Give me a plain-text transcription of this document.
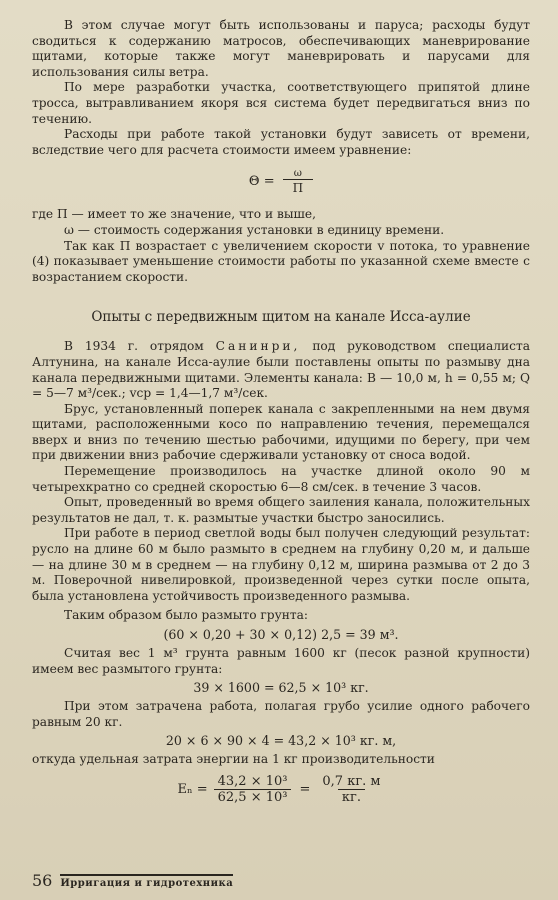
В этом случае могут быть использованы и паруса; расходы будут сводиться к содержанию матросов, обеспечивающих маневрирование щитами, которые также могут маневрировать и парусами для использования силы ветра.

По мере разработки участка, соответствующего припятой длине тросса, вытравливанием якоря вся система будет передвигаться вниз по течению.

Расходы при работе такой установки будут зависеть от времени, вследствие чего для расчета стоимости имеем уравнение:

$\Theta = \frac{\omega}{П}$

где П — имеет то же значение, что и выше,

ω — стоимость содержания установки в единицу времени.

Так как П возрастает с увеличением скорости v потока, то уравнение (4) показывает уменьшение стоимости работы по указанной схеме вместе с возрастанием скорости.

Опыты с передвижным щитом на канале Исса-аулие

В 1934 г. отрядом Санинри, под руководством специалиста Алтунина, на канале Исса-аулие были поставлены опыты по размыву дна канала передвижными щитами. Элементы канала: В — 10,0 м, h = 0,55 м; Q = 5—7 м³/сек.; vср = 1,4—1,7 м³/сек.

Брус, установленный поперек канала с закрепленными на нем двумя щитами, расположенными косо по направлению течения, перемещался вверх и вниз по течению шестью рабочими, идущими по берегу, при чем при движении вниз рабочие сдерживали установку от сноса водой.

Перемещение производилось на участке длиной около 90 м четырехкратно со средней скоростью 6—8 см/сек. в течение 3 часов.

Опыт, проведенный во время общего заиления канала, положительных результатов не дал, т. к. размытые участки быстро заносились.

При работе в период светлой воды был получен следующий результат: русло на длине 60 м было размыто в среднем на глубину 0,20 м, и дальше — на длине 30 м в среднем — на глубину 0,12 м, ширина размыва от 2 до 3 м. Поверочной нивелировкой, произведенной через сутки после опыта, была установлена устойчивость произведенного размыва.

Таким образом было размыто грунта:

(60 × 0,20 + 30 × 0,12) 2,5 = 39 м³.

Считая вес 1 м³ грунта равным 1600 кг (песок разной крупности) имеем вес размытого грунта:

39 × 1600 = 62,5 × 10³ кг.

При этом затрачена работа, полагая грубо усилие одного рабочего равным 20 кг.

20 × 6 × 90 × 4 = 43,2 × 10³ кг. м,

откуда удельная затрата энергии на 1 кг производительности

$E_n = \frac{\text{43,2 × 10³}}{\text{62,5 × 10³}}$ =
0,7 кг. м
кг.
56 Ирригация и гидротехника
